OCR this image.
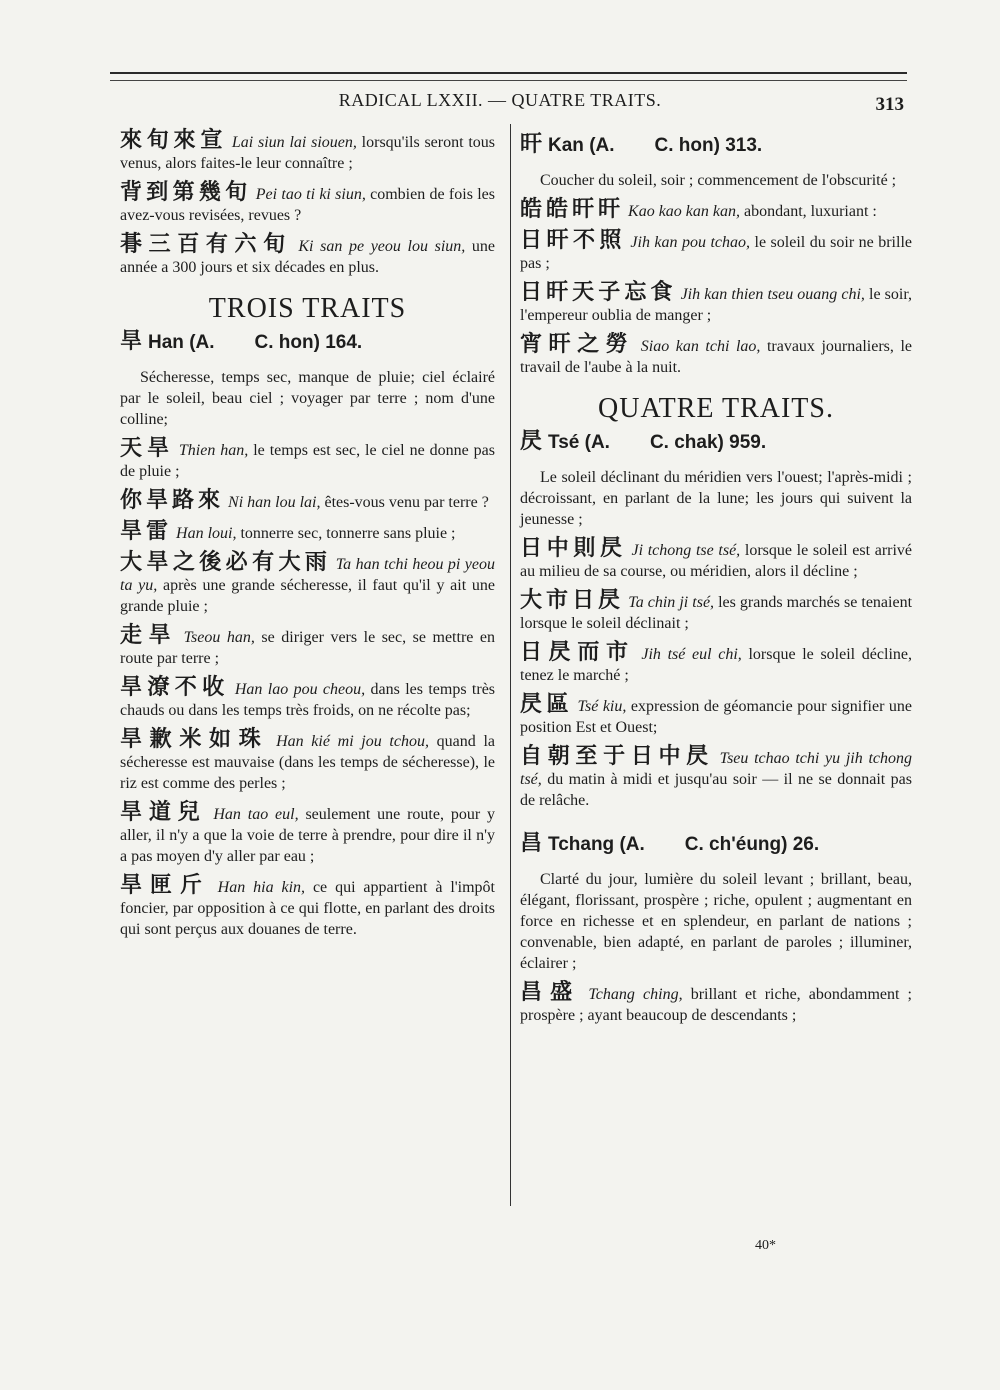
RADICAL LXXII. — QUATRE TRAITS.	313
來旬來宣 Lai siun lai siouen, lorsqu'ils seront tous venus, alors faites-le leur connaître ;
背到第幾旬 Pei tao ti ki siun, combien de fois les avez-vous revisées, revues ?
朞三百有六旬 Ki san pe yeou lou siun, une année a 300 jours et six décades en plus.
TROIS TRAITS
旱 Han (A. C. hon) 164.
Sécheresse, temps sec, manque de pluie; ciel éclairé par le soleil, beau ciel ; voyager par terre ; nom d'une colline;
天旱 Thien han, le temps est sec, le ciel ne donne pas de pluie ;
你旱路來 Ni han lou lai, êtes-vous venu par terre ?
旱雷 Han loui, tonnerre sec, tonnerre sans pluie ;
大旱之後必有大雨 Ta han tchi heou pi yeou ta yu, après une grande sécheresse, il faut qu'il y ait une grande pluie ;
走旱 Tseou han, se diriger vers le sec, se mettre en route par terre ;
旱潦不收 Han lao pou cheou, dans les temps très chauds ou dans les temps très froids, on ne récolte pas;
旱歉米如珠 Han kié mi jou tchou, quand la sécheresse est mauvaise (dans les temps de sécheresse), le riz est comme des perles ;
旱道兒 Han tao eul, seulement une route, pour y aller, il n'y a que la voie de terre à prendre, pour dire il n'y a pas moyen d'y aller par eau ;
旱匣斤 Han hia kin, ce qui appartient à l'impôt foncier, par opposition à ce qui flotte, en parlant des droits qui sont perçus aux douanes de terre.
旰 Kan (A. C. hon) 313.
Coucher du soleil, soir ; commencement de l'obscurité ;
皓皓旰旰 Kao kao kan kan, abondant, luxuriant :
日旰不照 Jih kan pou tchao, le soleil du soir ne brille pas ;
日旰天子忘食 Jih kan thien tseu ouang chi, le soir, l'empereur oublia de manger ;
宵旰之勞 Siao kan tchi lao, travaux journaliers, le travail de l'aube à la nuit.
QUATRE TRAITS.
昃 Tsé (A. C. chak) 959.
Le soleil déclinant du méridien vers l'ouest; l'après-midi ; décroissant, en parlant de la lune; les jours qui suivent la jeunesse ;
日中則昃 Ji tchong tse tsé, lorsque le soleil est arrivé au milieu de sa course, ou méridien, alors il décline ;
大市日昃 Ta chin ji tsé, les grands marchés se tenaient lorsque le soleil déclinait ;
日昃而市 Jih tsé eul chi, lorsque le soleil décline, tenez le marché ;
昃區 Tsé kiu, expression de géomancie pour signifier une position Est et Ouest;
自朝至于日中昃 Tseu tchao tchi yu jih tchong tsé, du matin à midi et jusqu'au soir — il ne se donnait pas de relâche.
昌 Tchang (A. C. ch'éung) 26.
Clarté du jour, lumière du soleil levant ; brillant, beau, élégant, florissant, prospère ; riche, opulent ; augmentant en force en richesse et en splendeur, en parlant de nations ; convenable, bien adapté, en parlant de paroles ; illuminer, éclairer ;
昌盛 Tchang ching, brillant et riche, abondamment ; prospère ; ayant beaucoup de descendants ;
40*
